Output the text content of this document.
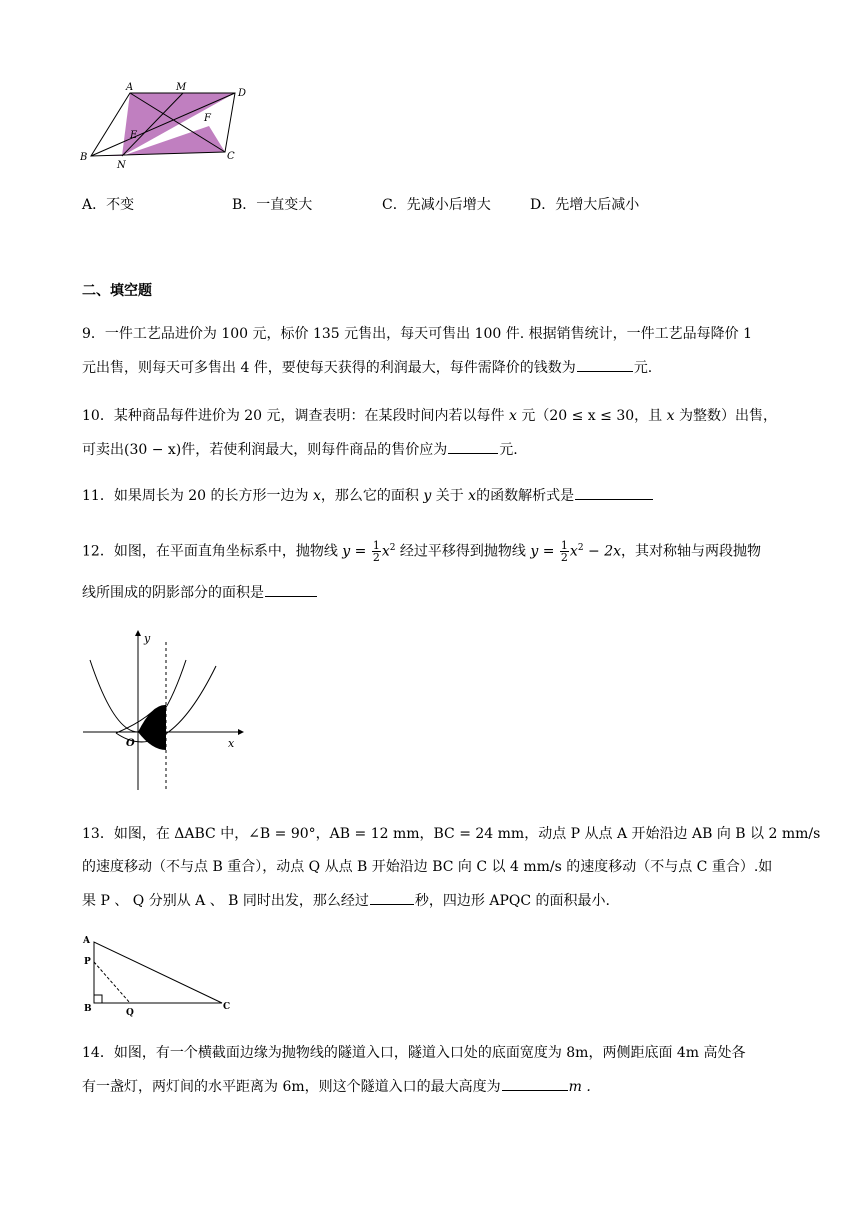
A	M
D
E
F
B
N
C
A．不变	B．一直变大	C．先减小后增大	D．先增大后减小
二、填空题
9．一件工艺品进价为 100 元，标价 135 元售出，每天可售出 100 件. 根据销售统计，一件工艺品每降价 1
元出售，则每天可多售出 4 件，要使每天获得的利润最大，每件需降价的钱数为	元.
10．某种商品每件进价为 20 元，调查表明：在某段时间内若以每件 x 元（20 ≤ x ≤ 30，且 x 为整数）出售，
可卖出(30 − x)件，若使利润最大，则每件商品的售价应为	元.
11．如果周长为 20 的长方形一边为 x，那么它的面积 y 关于 x的函数解析式是
12．如图，在平面直角坐标系中，抛物线 $y = \frac{1}{2} x^2$ 经过平移得到抛物线 $y = \frac{1}{2} x^2 - 2x$，其对称轴与两段抛物
线所围成的阴影部分的面积是
y
x
O
13．如图，在 ΔABC 中，∠B = 90°，AB = 12 mm，BC = 24 mm，动点 P 从点 A 开始沿边 AB 向 B 以 2 mm/s
的速度移动（不与点 B 重合），动点 Q 从点 B 开始沿边 BC 向 C 以 4 mm/s 的速度移动（不与点 C 重合）.如
果 P 、 Q 分别从 A 、 B 同时出发，那么经过	秒，四边形 APQC 的面积最小.
A
P
B	Q
C
14．如图，有一个横截面边缘为抛物线的隧道入口，隧道入口处的底面宽度为 8m，两侧距底面 4m 高处各
有一盏灯，两灯间的水平距离为 6m，则这个隧道入口的最大高度为	m .
